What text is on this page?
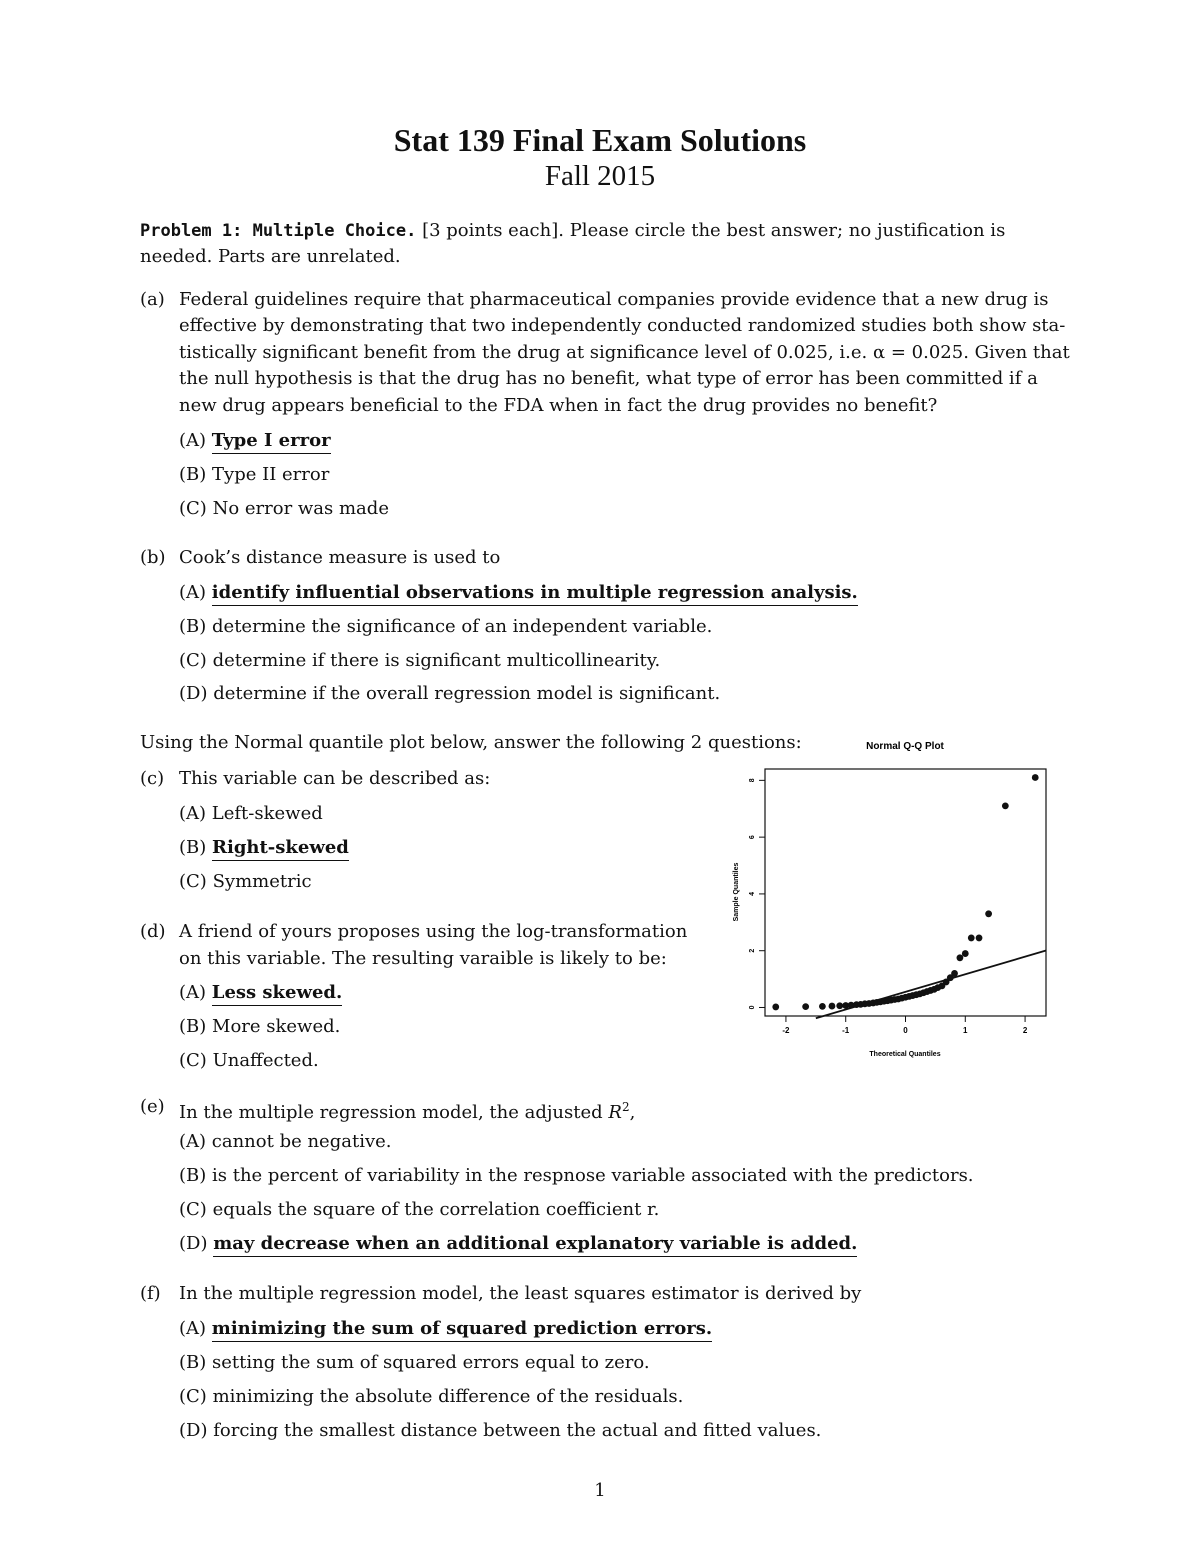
Stat 139 Final Exam Solutions
Fall 2015
Problem 1: Multiple Choice. [3 points each]. Please circle the best answer; no justification is
needed. Parts are unrelated.
(a) Federal guidelines require that pharmaceutical companies provide evidence that a new drug is
effective by demonstrating that two independently conducted randomized studies both show sta-
tistically significant benefit from the drug at significance level of 0.025, i.e. α = 0.025. Given that
the null hypothesis is that the drug has no benefit, what type of error has been committed if a
new drug appears beneficial to the FDA when in fact the drug provides no benefit?
(A) Type I error
(B) Type II error
(C) No error was made
(b) Cook’s distance measure is used to
(A) identify influential observations in multiple regression analysis.
(B) determine the significance of an independent variable.
(C) determine if there is significant multicollinearity.
(D) determine if the overall regression model is significant.
Using the Normal quantile plot below, answer the following 2 questions:
(c) This variable can be described as:
(A) Left-skewed
(B) Right-skewed
(C) Symmetric
(d) A friend of yours proposes using the log-transformation
on this variable. The resulting varaible is likely to be:
(A) Less skewed.
(B) More skewed.
(C) Unaffected.
Normal Q-Q Plot
-2	-1	0	1	2
0
2
4
6
8
Theoretical Quantiles
Sample Quantiles
(e) In the multiple regression model, the adjusted $R^2$,
(A) cannot be negative.
(B) is the percent of variability in the respnose variable associated with the predictors.
(C) equals the square of the correlation coefficient r.
(D) may decrease when an additional explanatory variable is added.
(f) In the multiple regression model, the least squares estimator is derived by
(A) minimizing the sum of squared prediction errors.
(B) setting the sum of squared errors equal to zero.
(C) minimizing the absolute difference of the residuals.
(D) forcing the smallest distance between the actual and fitted values.
1
